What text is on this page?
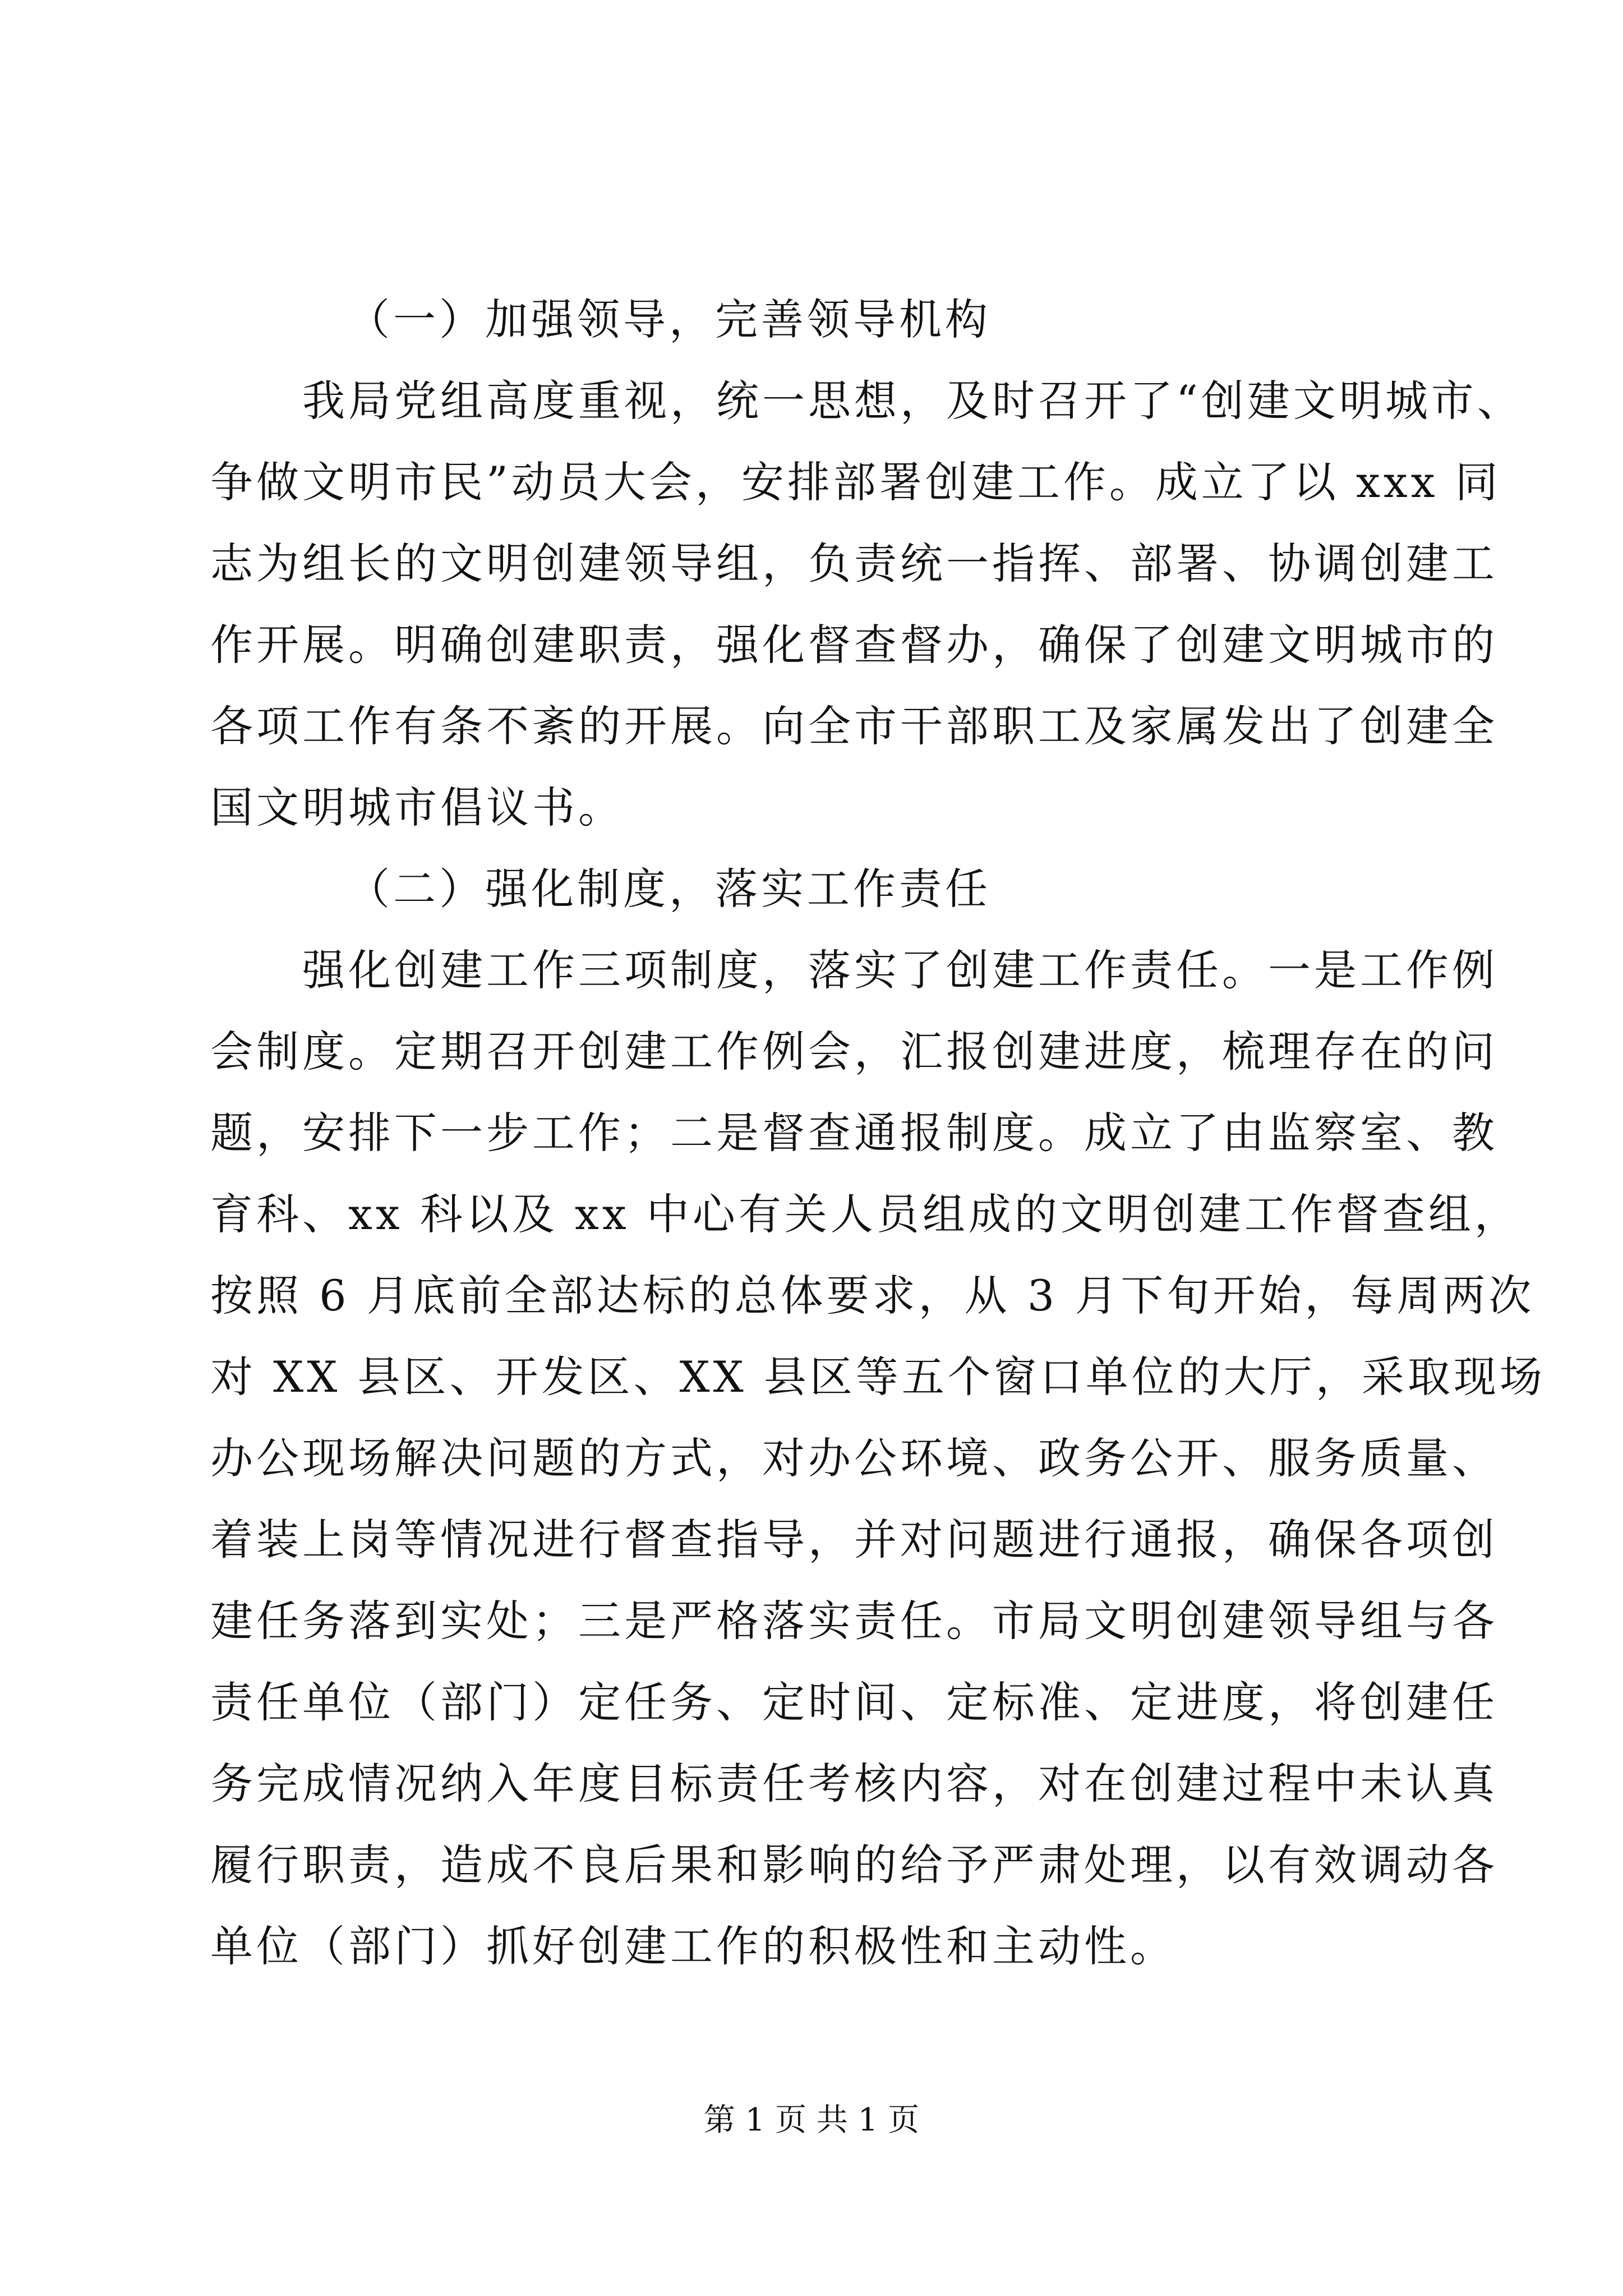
（一）加强领导，完善领导机构
我局党组高度重视，统一思想，及时召开了“创建文明城市、
争做文明市民”动员大会，安排部署创建工作。成立了以 xxx 同
志为组长的文明创建领导组，负责统一指挥、部署、协调创建工
作开展。明确创建职责，强化督查督办，确保了创建文明城市的
各项工作有条不紊的开展。向全市干部职工及家属发出了创建全
国文明城市倡议书。
（二）强化制度，落实工作责任
强化创建工作三项制度，落实了创建工作责任。一是工作例
会制度。定期召开创建工作例会，汇报创建进度，梳理存在的问
题，安排下一步工作；二是督查通报制度。成立了由监察室、教
育科、xx 科以及 xx 中心有关人员组成的文明创建工作督查组，
按照 6 月底前全部达标的总体要求，从 3 月下旬开始，每周两次
对 XX 县区、开发区、XX 县区等五个窗口单位的大厅，采取现场
办公现场解决问题的方式，对办公环境、政务公开、服务质量、
着装上岗等情况进行督查指导，并对问题进行通报，确保各项创
建任务落到实处；三是严格落实责任。市局文明创建领导组与各
责任单位（部门）定任务、定时间、定标准、定进度，将创建任
务完成情况纳入年度目标责任考核内容，对在创建过程中未认真
履行职责，造成不良后果和影响的给予严肃处理，以有效调动各
单位（部门）抓好创建工作的积极性和主动性。
第 1 页 共 1 页
